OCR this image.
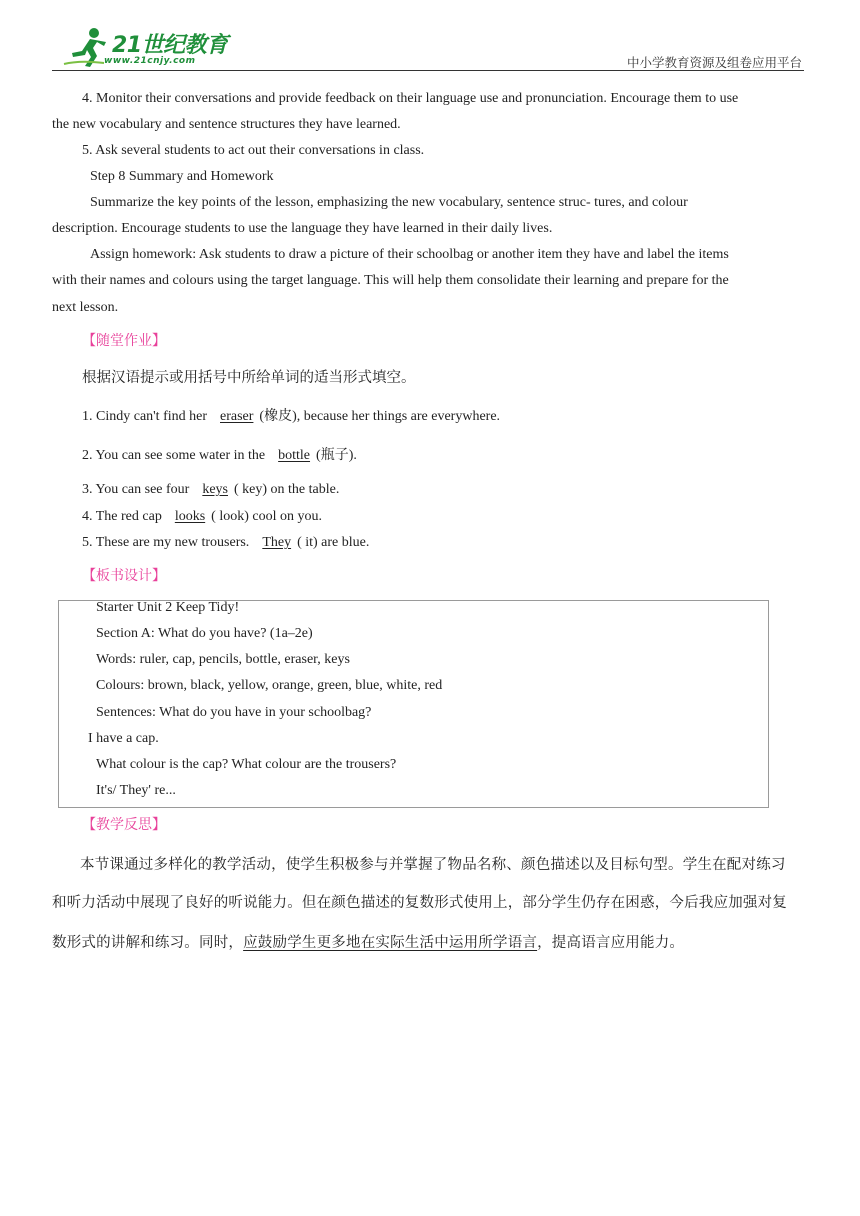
21世纪教育
www.21cnjy.com	中小学教育资源及组卷应用平台
4. Monitor their conversations and provide feedback on their language use and pronunciation. Encourage them to use
the new vocabulary and sentence structures they have learned.
5. Ask several students to act out their conversations in class.
Step 8 Summary and Homework
Summarize the key points of the lesson, emphasizing the new vocabulary, sentence struc- tures, and colour
description. Encourage students to use the language they have learned in their daily lives.
Assign homework: Ask students to draw a picture of their schoolbag or another item they have and label the items
with their names and colours using the target language. This will help them consolidate their learning and prepare for the
next lesson.
【随堂作业】
根据汉语提示或用括号中所给单词的适当形式填空。
1. Cindy can't find her eraser (橡皮), because her things are everywhere.
2. You can see some water in the bottle (瓶子).
3. You can see four keys ( key) on the table.
4. The red cap looks ( look) cool on you.
5. These are my new trousers. They ( it) are blue.
【板书设计】
Starter Unit 2 Keep Tidy!
Section A: What do you have? (1a–2e)
Words: ruler, cap, pencils, bottle, eraser, keys
Colours: brown, black, yellow, orange, green, blue, white, red
Sentences: What do you have in your schoolbag?
I have a cap.
What colour is the cap? What colour are the trousers?
It's/ They' re...
【教学反思】
本节课通过多样化的教学活动，使学生积极参与并掌握了物品名称、颜色描述以及目标句型。学生在配对练习
和听力活动中展现了良好的听说能力。但在颜色描述的复数形式使用上，部分学生仍存在困惑，今后我应加强对复
数形式的讲解和练习。同时，应鼓励学生更多地在实际生活中运用所学语言，提高语言应用能力。
